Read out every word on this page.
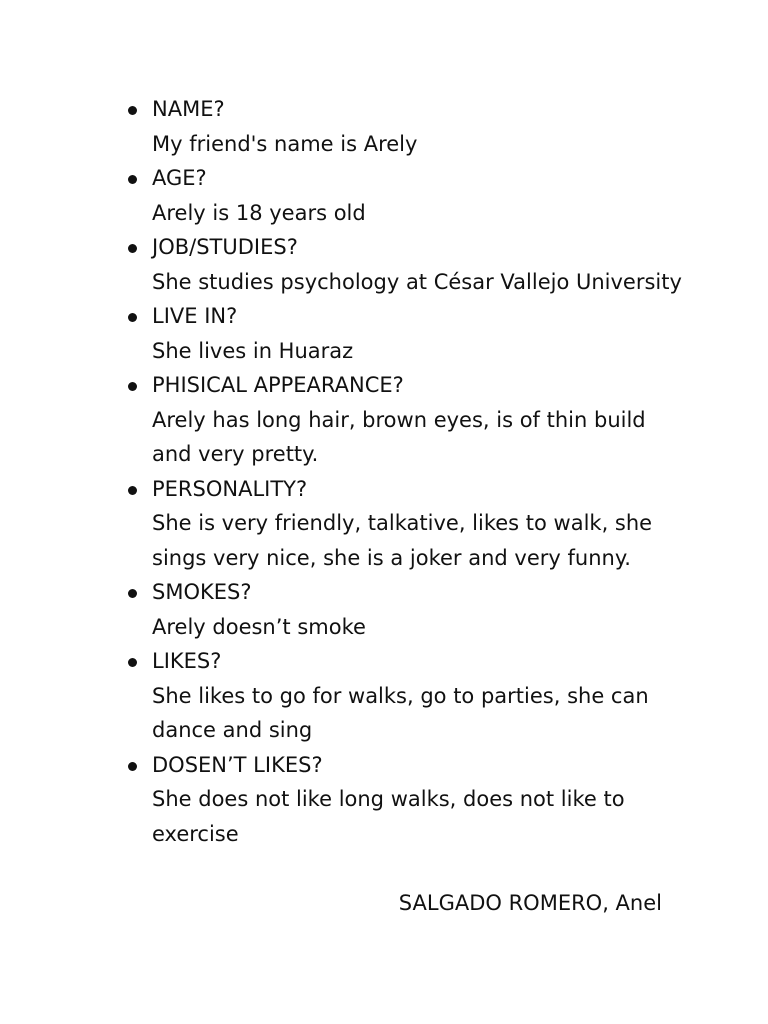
NAME?
My friend's name is Arely
AGE?
Arely is 18 years old
JOB/STUDIES?
She studies psychology at César Vallejo University
LIVE IN?
She lives in Huaraz
PHISICAL APPEARANCE?
Arely has long hair, brown eyes, is of thin build and very pretty.
PERSONALITY?
She is very friendly, talkative, likes to walk, she sings very nice, she is a joker and very funny.
SMOKES?
Arely doesn’t smoke
LIKES?
She likes to go for walks, go to parties, she can dance and sing
DOSEN’T LIKES?
She does not like long walks, does not like to exercise
SALGADO ROMERO, Anel
